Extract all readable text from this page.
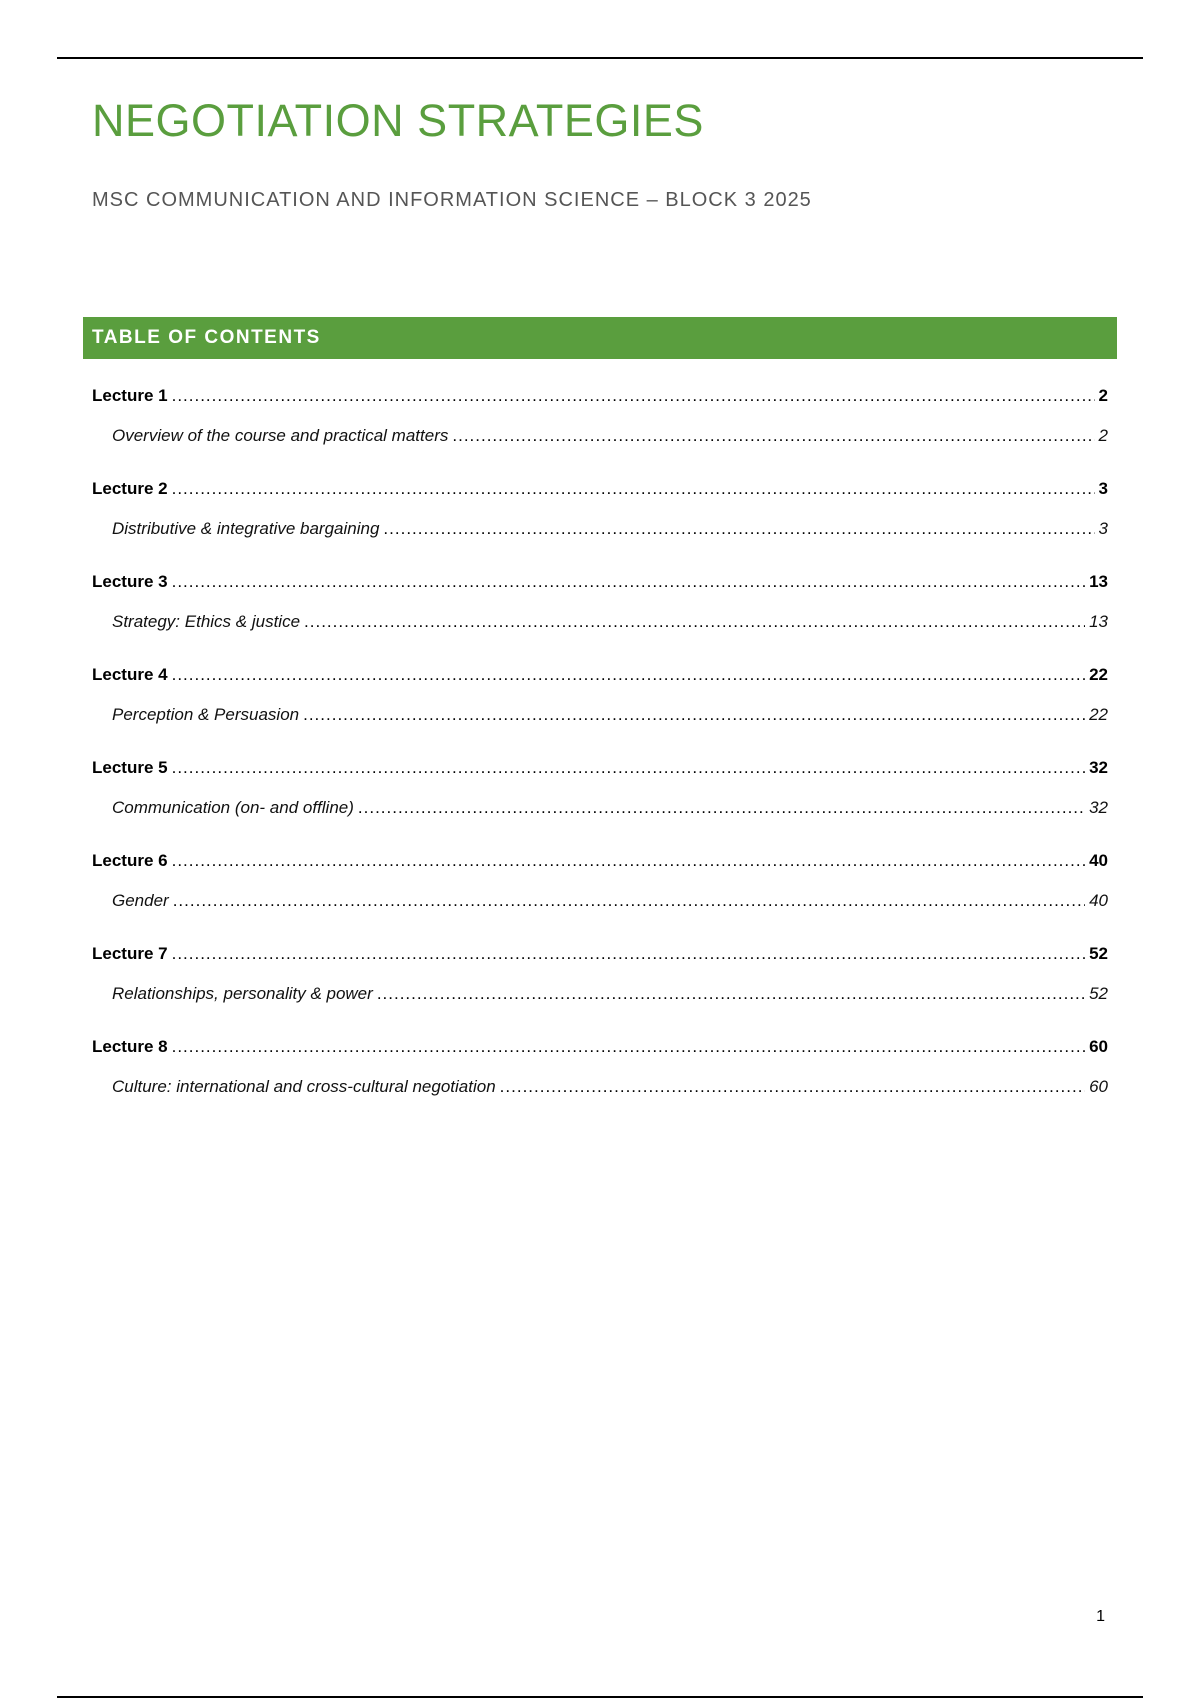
NEGOTIATION STRATEGIES
MSC COMMUNICATION AND INFORMATION SCIENCE – BLOCK 3 2025
TABLE OF CONTENTS
Lecture 1 .....	2
Overview of the course and practical matters .....	2
Lecture 2 .....	3
Distributive & integrative bargaining .....	3
Lecture 3 .....	13
Strategy: Ethics & justice .....	13
Lecture 4 .....	22
Perception & Persuasion .....	22
Lecture 5 .....	32
Communication (on- and offline) .....	32
Lecture 6 .....	40
Gender .....	40
Lecture 7 .....	52
Relationships, personality & power .....	52
Lecture 8 .....	60
Culture: international and cross-cultural negotiation .....	60
1
